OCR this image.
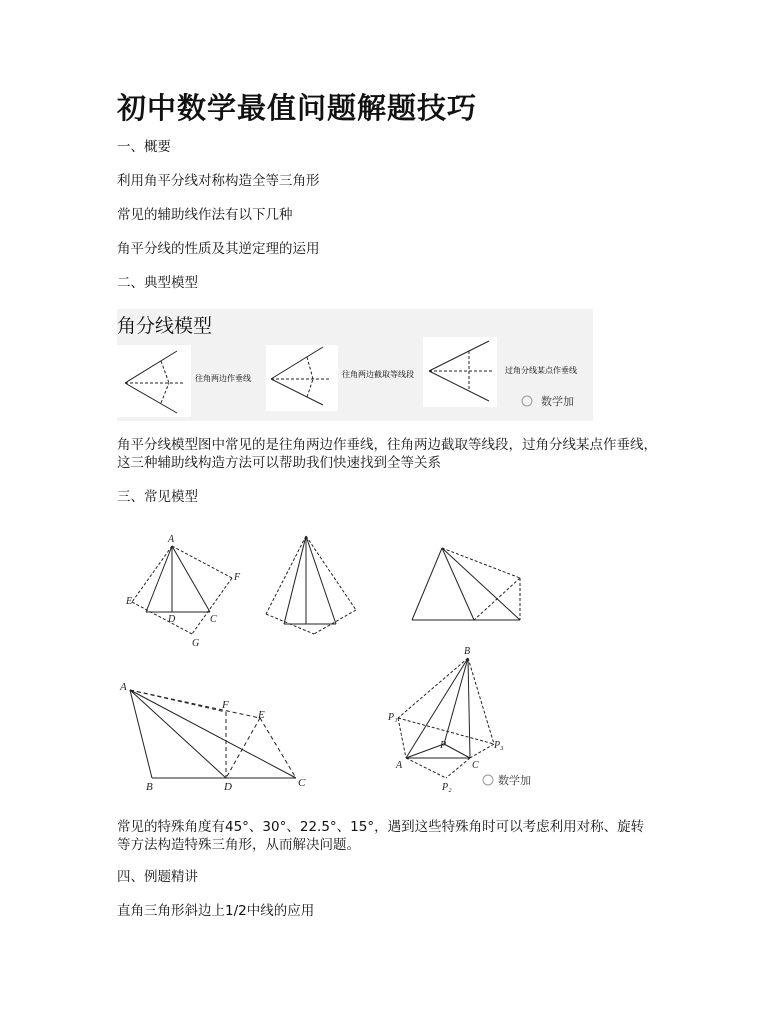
初中数学最值问题解题技巧

一、概要

利用角平分线对称构造全等三角形

常见的辅助线作法有以下几种

角平分线的性质及其逆定理的运用

二、典型模型

角分线模型
往角两边作垂线	往角两边截取等线段	过角分线某点作垂线
数学加

角平分线模型图中常见的是往角两边作垂线，往角两边截取等线段，过角分线某点作垂线，这三种辅助线构造方法可以帮助我们快速找到全等关系

三、常见模型

A
E
D	C
F
G
A
B	D	C
F
E
B
P₁
P₃
A	C
P
P₂
数学加

常见的特殊角度有45°、30°、22.5°、15°，遇到这些特殊角时可以考虑利用对称、旋转等方法构造特殊三角形，从而解决问题。

四、例题精讲

直角三角形斜边上1/2中线的应用
